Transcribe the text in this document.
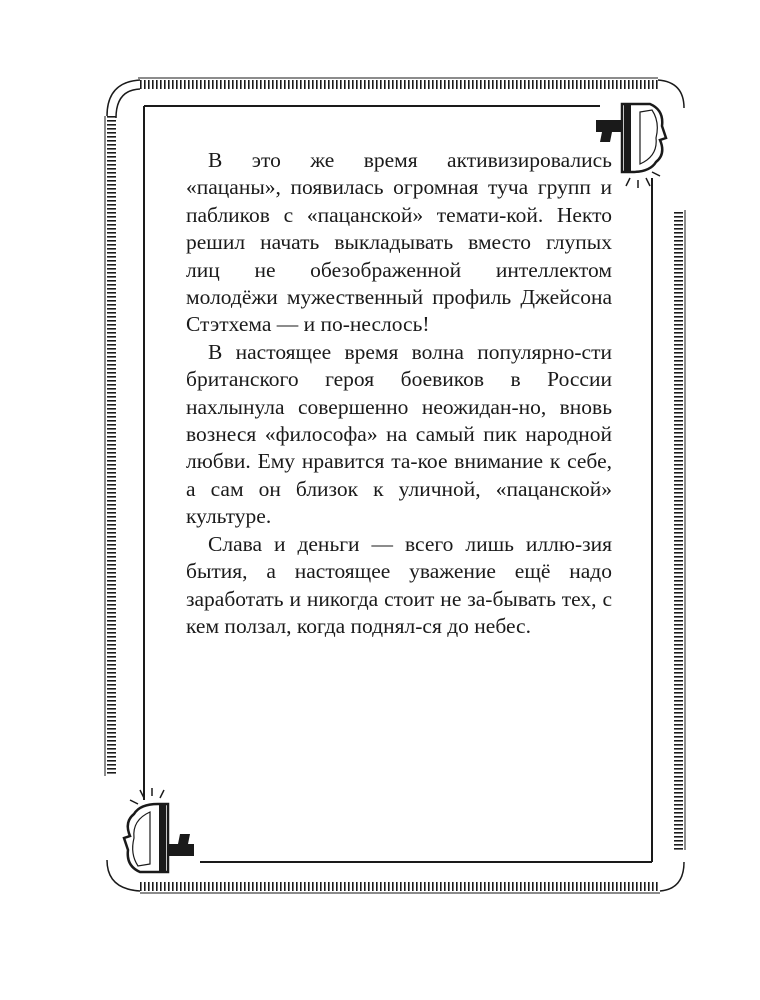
В это же время активизировались «пацаны», появилась огромная туча групп и пабликов с «пацанской» темати-кой. Некто решил начать выкладывать вместо глупых лиц не обезображенной интеллектом молодёжи мужественный профиль Джейсона Стэтхема — и по-неслось!

В настоящее время волна популярно-сти британского героя боевиков в России нахлынула совершенно неожидан-но, вновь вознеся «философа» на самый пик народной любви. Ему нравится та-кое внимание к себе, а сам он близок к уличной, «пацанской» культуре.

Слава и деньги — всего лишь иллю-зия бытия, а настоящее уважение ещё надо заработать и никогда стоит не за-бывать тех, с кем ползал, когда поднял-ся до небес.
